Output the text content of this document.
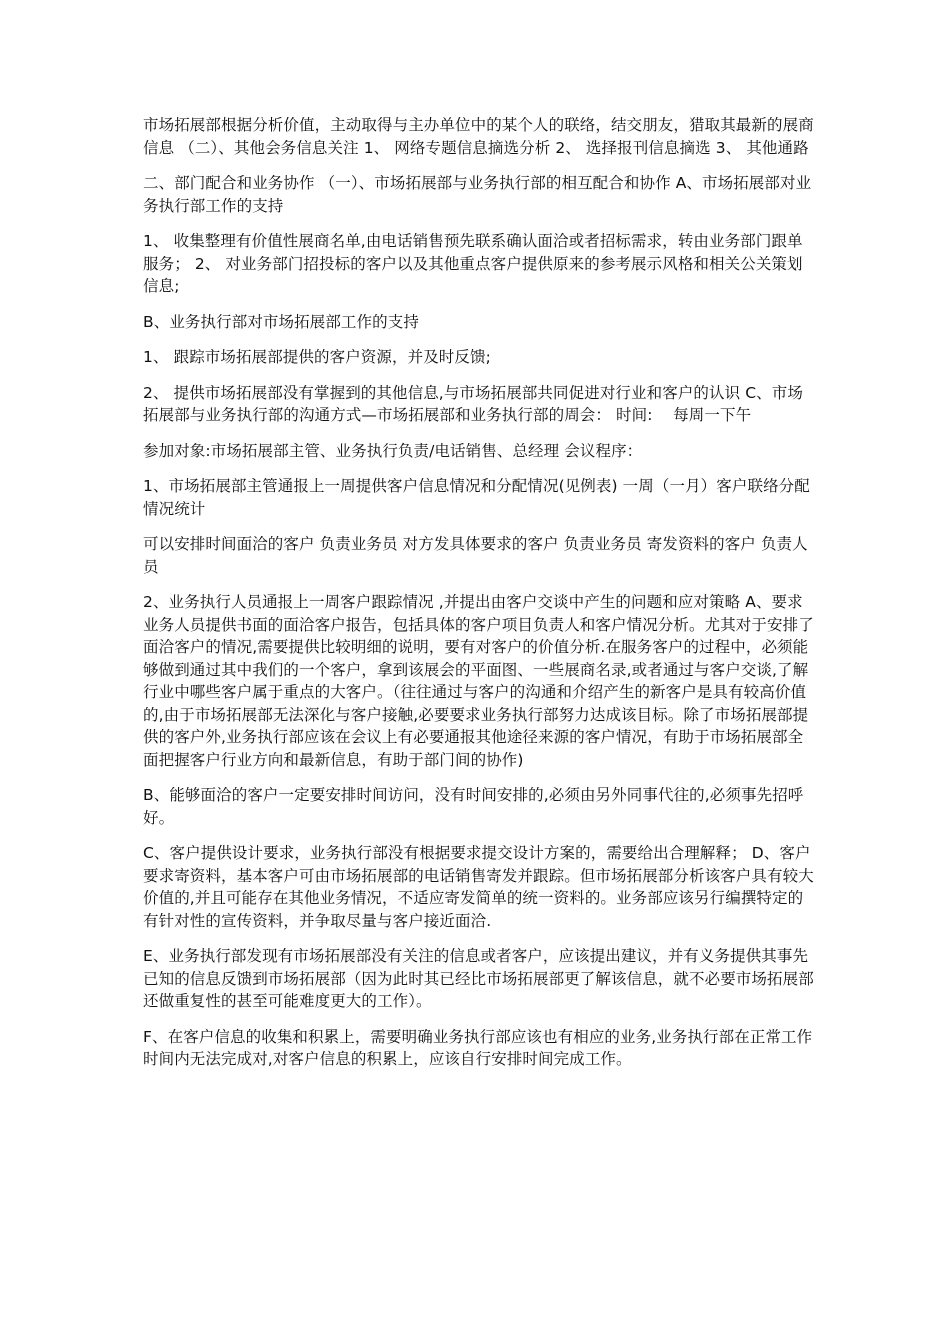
市场拓展部根据分析价值，主动取得与主办单位中的某个人的联络，结交朋友，猎取其最新的展商信息 （二）、其他会务信息关注 1、 网络专题信息摘选分析 2、 选择报刊信息摘选 3、 其他通路

二、部门配合和业务协作 （一）、市场拓展部与业务执行部的相互配合和协作 A、市场拓展部对业务执行部工作的支持

1、 收集整理有价值性展商名单,由电话销售预先联系确认面洽或者招标需求，转由业务部门跟单服务； 2、 对业务部门招投标的客户以及其他重点客户提供原来的参考展示风格和相关公关策划信息;

B、业务执行部对市场拓展部工作的支持

1、 跟踪市场拓展部提供的客户资源，并及时反馈;

2、 提供市场拓展部没有掌握到的其他信息,与市场拓展部共同促进对行业和客户的认识 C、市场拓展部与业务执行部的沟通方式—市场拓展部和业务执行部的周会： 时间: 　每周一下午

参加对象:市场拓展部主管、业务执行负责/电话销售、总经理 会议程序：

1、市场拓展部主管通报上一周提供客户信息情况和分配情况(见例表) 一周（一月）客户联络分配情况统计

可以安排时间面洽的客户 负责业务员 对方发具体要求的客户 负责业务员 寄发资料的客户 负责人员

2、业务执行人员通报上一周客户跟踪情况 ,并提出由客户交谈中产生的问题和应对策略 A、要求业务人员提供书面的面洽客户报告，包括具体的客户项目负责人和客户情况分析。尤其对于安排了面洽客户的情况,需要提供比较明细的说明，要有对客户的价值分析.在服务客户的过程中，必须能够做到通过其中我们的一个客户，拿到该展会的平面图、一些展商名录,或者通过与客户交谈,了解行业中哪些客户属于重点的大客户。（往往通过与客户的沟通和介绍产生的新客户是具有较高价值的,由于市场拓展部无法深化与客户接触,必要要求业务执行部努力达成该目标。除了市场拓展部提供的客户外,业务执行部应该在会议上有必要通报其他途径来源的客户情况，有助于市场拓展部全面把握客户行业方向和最新信息，有助于部门间的协作)

B、能够面洽的客户一定要安排时间访问，没有时间安排的,必须由另外同事代往的,必须事先招呼好。

C、客户提供设计要求，业务执行部没有根据要求提交设计方案的，需要给出合理解释； D、客户要求寄资料，基本客户可由市场拓展部的电话销售寄发并跟踪。但市场拓展部分析该客户具有较大价值的,并且可能存在其他业务情况，不适应寄发简单的统一资料的。业务部应该另行编撰特定的有针对性的宣传资料，并争取尽量与客户接近面洽.

E、业务执行部发现有市场拓展部没有关注的信息或者客户，应该提出建议，并有义务提供其事先已知的信息反馈到市场拓展部（因为此时其已经比市场拓展部更了解该信息，就不必要市场拓展部还做重复性的甚至可能难度更大的工作）。

F、在客户信息的收集和积累上，需要明确业务执行部应该也有相应的业务,业务执行部在正常工作时间内无法完成对,对客户信息的积累上，应该自行安排时间完成工作。
